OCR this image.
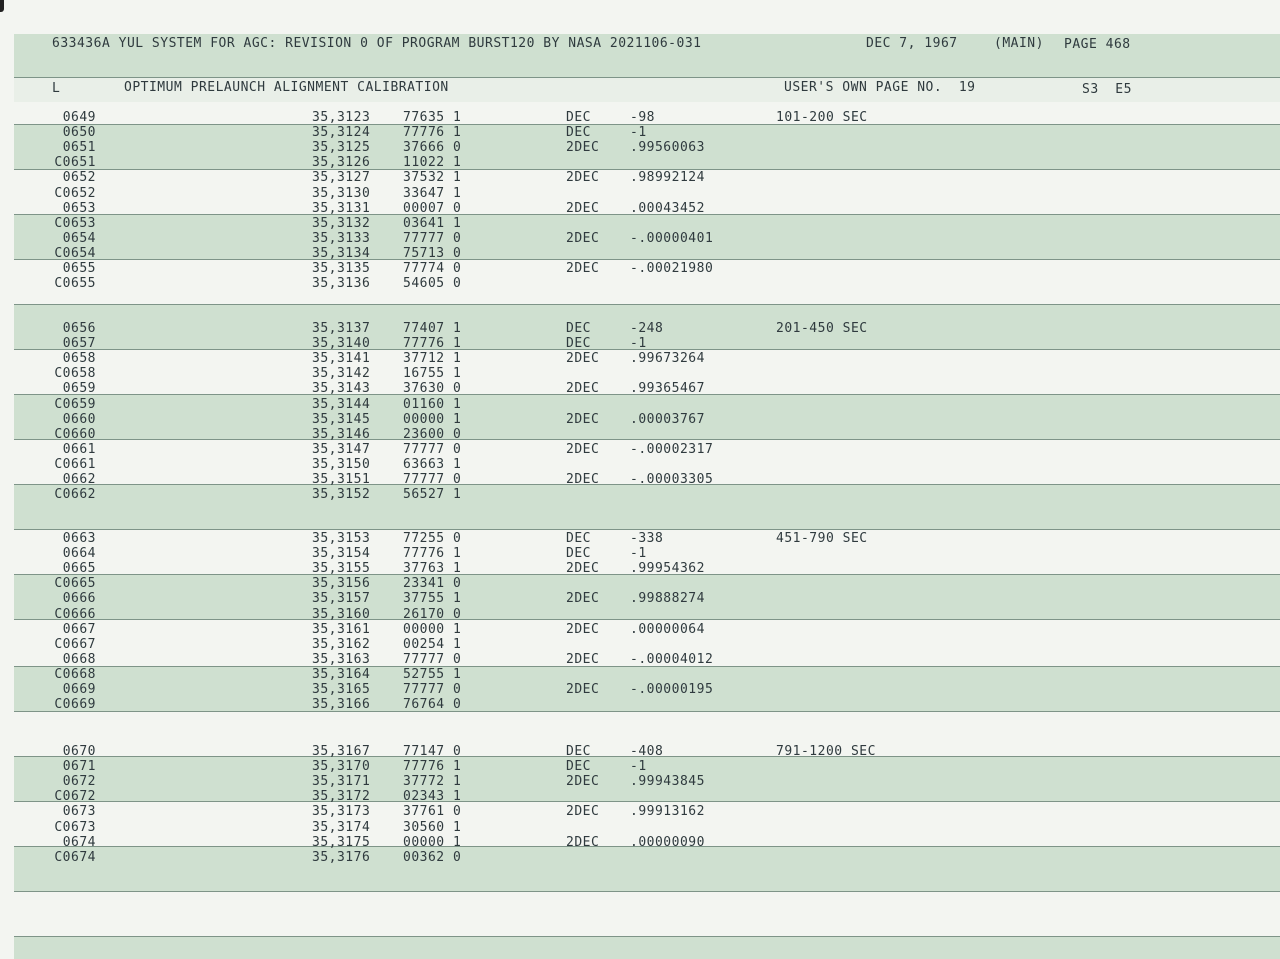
633436A YUL SYSTEM FOR AGC: REVISION 0 OF PROGRAM BURST120 BY NASA 2021106-031	DEC 7, 1967	(MAIN) PAGE 468
L	OPTIMUM PRELAUNCH ALIGNMENT CALIBRATION	USER'S OWN PAGE NO.  19	S3  E5
0649	35,3123	77635 1	DEC	-98	101-200 SEC
0650	35,3124	77776 1	DEC	-1
0651	35,3125	37666 0	2DEC .99560063
C0651	35,3126	11022 1
0652	35,3127	37532 1	2DEC .98992124
C0652	35,3130	33647 1
0653	35,3131	00007 0	2DEC .00043452
C0653	35,3132	03641 1
0654	35,3133	77777 0	2DEC -.00000401
C0654	35,3134	75713 0
0655	35,3135	77774 0	2DEC -.00021980
C0655	35,3136	54605 0
0656	35,3137	77407 1	DEC	-248	201-450 SEC
0657	35,3140	77776 1	DEC	-1
0658	35,3141	37712 1	2DEC .99673264
C0658	35,3142	16755 1
0659	35,3143	37630 0	2DEC .99365467
C0659	35,3144	01160 1
0660	35,3145	00000 1	2DEC .00003767
C0660	35,3146	23600 0
0661	35,3147	77777 0	2DEC -.00002317
C0661	35,3150	63663 1
0662	35,3151	77777 0	2DEC -.00003305
C0662	35,3152	56527 1
0663	35,3153	77255 0	DEC	-338	451-790 SEC
0664	35,3154	77776 1	DEC	-1
0665	35,3155	37763 1	2DEC .99954362
C0665	35,3156	23341 0
0666	35,3157	37755 1	2DEC .99888274
C0666	35,3160	26170 0
0667	35,3161	00000 1	2DEC .00000064
C0667	35,3162	00254 1
0668	35,3163	77777 0	2DEC -.00004012
C0668	35,3164	52755 1
0669	35,3165	77777 0	2DEC -.00000195
C0669	35,3166	76764 0
0670	35,3167	77147 0	DEC	-408	791-1200 SEC
0671	35,3170	77776 1	DEC	-1
0672	35,3171	37772 1	2DEC .99943845
C0672	35,3172	02343 1
0673	35,3173	37761 0	2DEC .99913162
C0673	35,3174	30560 1
0674	35,3175	00000 1	2DEC .00000090
C0674	35,3176	00362 0
